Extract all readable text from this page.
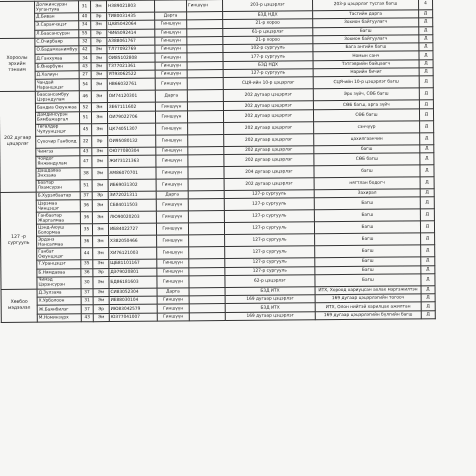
	Должинсүрэн Уугантуяа	31	Эм	НЗ89021803		Гиншүүн	203-р цэцэрлэг	203-р цэцэрлэг тусгах багш	4
	Д.Биван	40	Эр	ТИ80031435	Дарга		БЗД НДХ	Тасгийн дарга	Д
	Э.Саранчэцэг	34	Эм	ЦА85042064	Гиншүүн		21-р хороо	Зохион байгуулагч	Д
	Л.Баасансүрэн	55	Эр	ЧИ65092414	Гиншүүн		61-р цэцэрлэг	Багш	Д
Хороолы эрхийн тэнхим	С.Очирбаяр	32	Эр	АЗ88061767	Гиншүүн		21-р хороо	Зохион байгуулагч	Д
	О.Бадамханимбуу	42	Эм	ТЛ77092769	Гиншүүн		102-р сургууль	Бага ангийн багш	Д
	Д.Ганхуяаа	34	Эм	ОИ85102808	Гиншүүн		177-р сургууль	Номын санч	Д
	Б.Өнөрбүян	43	Эм	ТЗ77021361	Гиншүүн		БЗД НДХ	Тэтгэврийн байцаагч	Д
	Д.Халиун	27	Эм	УП93062522	Гиншүүн		127-р сургууль	Нарийн бичиг	Д
	Чандай Наранцэцэг	54	Эм	НВ66032761	Гиншүүн		СЦЯ-ийн 10-р цэцэрлэг	СЦЯ-ийн 10-р цэцэрлэг багш	Д
202 дугаар цэцэрлэг	Баасансамбуу Цэрэндулам	46	Эм	ОИ74120301	Дарга		202 дугаар цэцэрлэг	Эрх зүйч, СӨБ багш	Д
	Бандиа Оюунжаа	52	Эм	ЗЕ67111602	Гиншүүн		202 дугаар цэцэрлэг	СӨБ багш, арга зүйч	Д
	Дамдинсүрэн Бямбажаргал	51	Эм	ОИ79022706	Гиншүүн		202 дугаар цэцэрлэг	СӨБ багш	Д
	Төгөлдөр Чулуунцэцэг	45	Эм	ЦК74051307	Гиншүүн		202 дугаар цэцэрлэг	сэнчүүр	Д
	Сүхочир Ганболд	22	Эр	ОИ95080132	Гиншүүн		202 дугаар цэцэрлэг	цахилгаанчин	Д
	Чимгээ	43	Эм	ОЮ77080304	Гиншүүн		202 дугаар цэцэрлэг	багш	Д
	Чойдог Янжиндулам	47	Эм	ЖИ73121363	Гиншүүн		202 дугаар цэцэрлэг	СӨБ багш	Д
	Дашдаваа Энхзаяа	38	Эм	АМ86070701	Гиншүүн		204 дугаар цэцэрлэг	багш	Д
	Баатар Лхамсүрэн	51	Эм	ИБ69031302	Гиншүүн		202 дугаар цэцэрлэг	нягтлан бодогч	Д
127 -р сургууль	Б.Хурэлбаатар	37	Эр	ЗИ72021311	Дарга		127-р сургууль	Захирал	Д
	Цэрэмаа Чинцэцэг	36	Эм	СБ84011503	Гиншүүн		127-р сургууль	Багш	Д
	Ганбаатар Жаргалмаа	36	Эм	ЛЮ90020203	Гиншүүн		127-р сургууль	Багш	Д
	Цэнд-Аюуш Болормаа	35	Эм	ИБ84022727	Гиншүүн		127-р сургууль	Багш	Д
	Эрдэнэ Нансалмаа	36	Эм	ХЗ82050466	Гиншүүн		127-р сургууль	Багш	Д
	Ганбат Оюунцэцэг	44	Эм	ХИ76121003	Гиншүүн		127-р сургууль	Багш	Д
	Т.Уранцэцэг	35	Эм	ЩБ81101167	Гиншүүн		127-р сургууль	Багш	Д
	Б.Нямдаваа	36	Эр	ДЭ79020801	Гиншүүн		127-р сургууль	Багш	Д
	Чимэд Цэрэнсүрэн	30	Эм	БД86181603	Гиншүүн		62-р цэцэрлэг	Багш	Д
Хөвбоо мэдээлэл	Д.Зулзаяа	37	Эм	СИ83052304	Дарга		БЗД ИТХ	ИТХ, Хороод хариуцсан ахлах мэргэжилтэн	Д
	Х.Урболоон	31	Эм	ИЕ88030104	Гиншүүн		169 дугаар цэцэрлэг	169 дугаар цэцэрлэгийн тогооч	Д
	Ж.Баянбилэг	37	Эр	ИЮ83042579	Гиншүүн		БЗД ИТХ	ИТХ, Олон нийтэй харилцах ажилтан	Д
	М.Номинзүрх	43	Эм	ЮЗ77041007	Гиншүүн		169 дугаар цэцэрлэг	169 дугаар цэцэрлэгийн бүлгийн багш	Д
